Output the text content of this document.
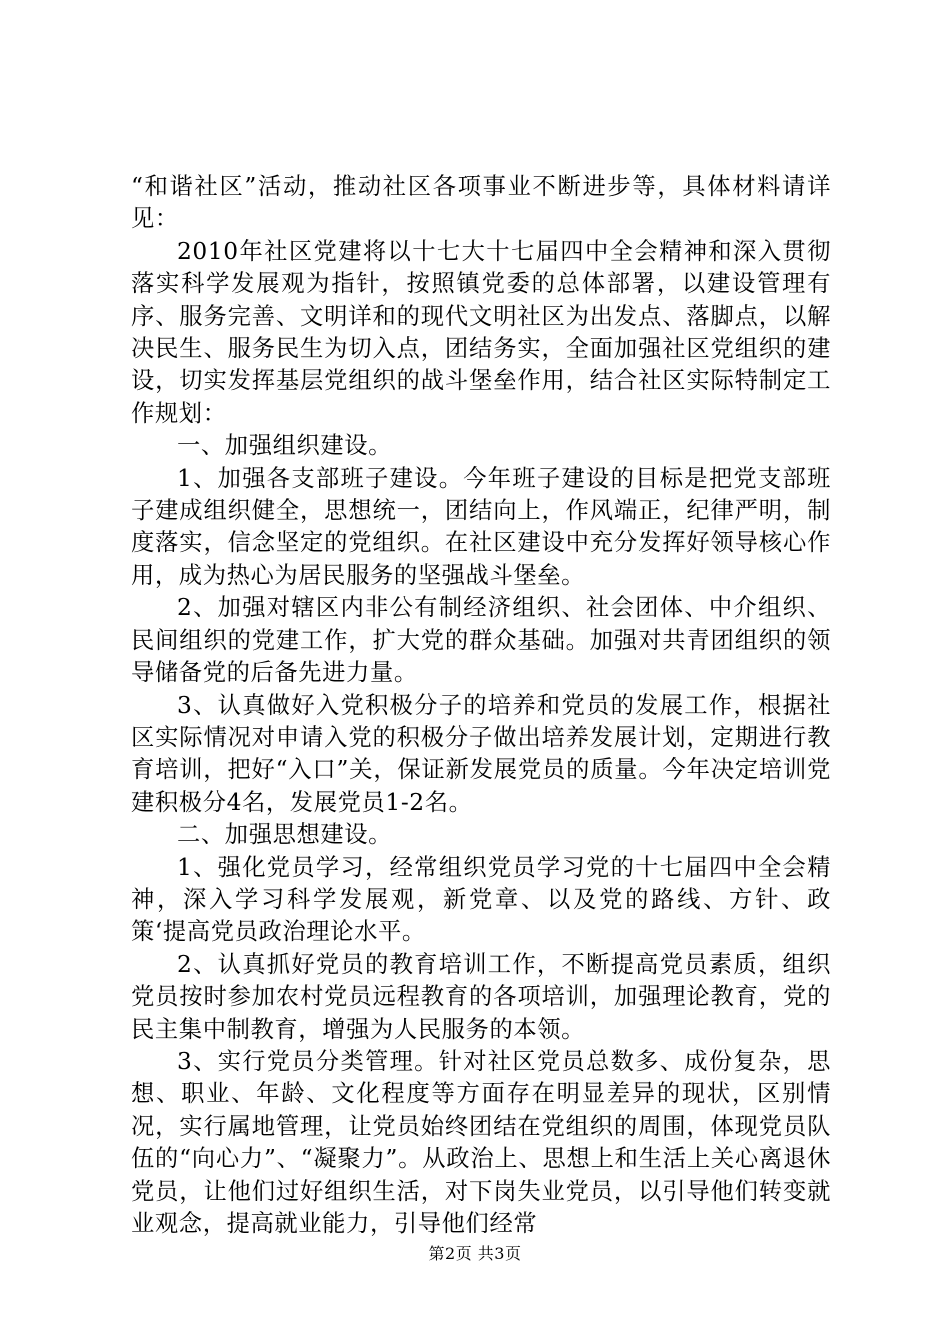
“和谐社区”活动，推动社区各项事业不断进步等，具体材料请详见：

2010年社区党建将以十七大十七届四中全会精神和深入贯彻落实科学发展观为指针，按照镇党委的总体部署，以建设管理有序、服务完善、文明详和的现代文明社区为出发点、落脚点，以解决民生、服务民生为切入点，团结务实，全面加强社区党组织的建设，切实发挥基层党组织的战斗堡垒作用，结合社区实际特制定工作规划：

一、加强组织建设。

1、加强各支部班子建设。今年班子建设的目标是把党支部班子建成组织健全，思想统一，团结向上，作风端正，纪律严明，制度落实，信念坚定的党组织。在社区建设中充分发挥好领导核心作用，成为热心为居民服务的坚强战斗堡垒。

2、加强对辖区内非公有制经济组织、社会团体、中介组织、民间组织的党建工作，扩大党的群众基础。加强对共青团组织的领导储备党的后备先进力量。

3、认真做好入党积极分子的培养和党员的发展工作，根据社区实际情况对申请入党的积极分子做出培养发展计划，定期进行教育培训，把好“入口”关，保证新发展党员的质量。今年决定培训党建积极分4名，发展党员1-2名。

二、加强思想建设。

1、强化党员学习，经常组织党员学习党的十七届四中全会精神，深入学习科学发展观，新党章、以及党的路线、方针、政策‘提高党员政治理论水平。

2、认真抓好党员的教育培训工作，不断提高党员素质，组织党员按时参加农村党员远程教育的各项培训，加强理论教育，党的民主集中制教育，增强为人民服务的本领。

3、实行党员分类管理。针对社区党员总数多、成份复杂，思想、职业、年龄、文化程度等方面存在明显差异的现状，区别情况，实行属地管理，让党员始终团结在党组织的周围，体现党员队伍的“向心力”、“凝聚力”。从政治上、思想上和生活上关心离退休党员，让他们过好组织生活，对下岗失业党员，以引导他们转变就业观念，提高就业能力，引导他们经常

第2页 共3页
